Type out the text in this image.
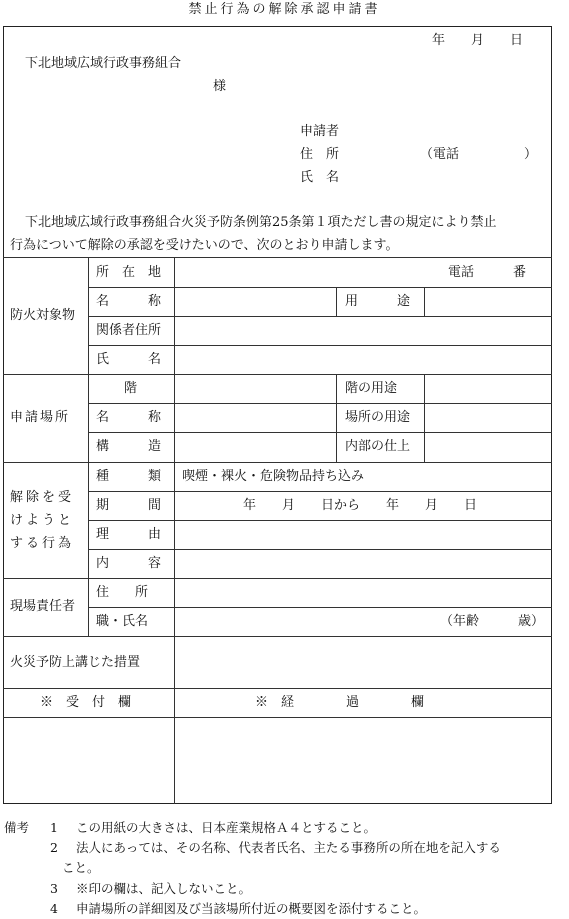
禁止行為の解除承認申請書
年　　月　　日
下北地域広域行政事務組合
様
申請者
住　所	（電話　　　　　）
氏　名
下北地域広域行政事務組合火災予防条例第25条第１項ただし書の規定により禁止
行為について解除の承認を受けたいので、次のとおり申請します。
防火対象物
所　在　地	電話　　　番
名　　　称	用　　　途
関係者住所
氏　　　名
申請場所
階	階の用途
名　　　称	場所の用途
構　　　造	内部の仕上
解除を受
けようと
する行為
種　　　類 喫煙・裸火・危険物品持ち込み
期　　　間	年　　月　　日から　　年　　月　　日
理　　　由
内　　　容
現場責任者
住　　所
職・氏名	（年齢　　　歳）
火災予防上講じた措置
※　受　付　欄	※　経　　　　過　　　　欄
備考 1 この用紙の大きさは、日本産業規格Ａ４とすること。
2 法人にあっては、その名称、代表者氏名、主たる事務所の所在地を記入する
こと。
3 ※印の欄は、記入しないこと。
4 申請場所の詳細図及び当該場所付近の概要図を添付すること。
